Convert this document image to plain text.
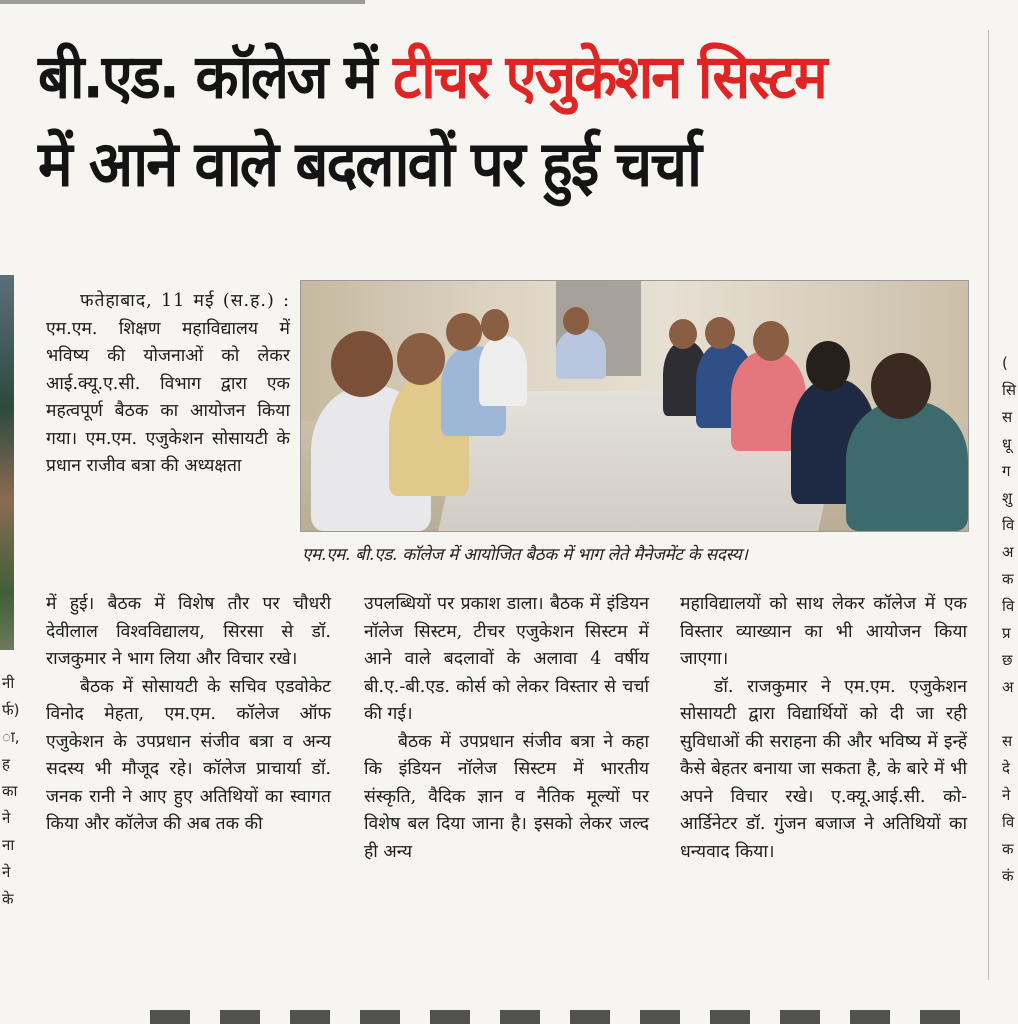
नी
र्फ)
ा,
ह
का
ने
ना
ने
के
बी.एड. कॉलेज में टीचर एजुकेशन सिस्टम
में आने वाले बदलावों पर हुई चर्चा
एम.एम. बी.एड. कॉलेज में आयोजित बैठक में भाग लेते मैनेजमेंट के सदस्य।

फतेहाबाद, 11 मई (स.ह.) : एम.एम. शिक्षण महाविद्यालय में भविष्य की योजनाओं को लेकर आई.क्यू.ए.सी. विभाग द्वारा एक महत्वपूर्ण बैठक का आयोजन किया गया। एम.एम. एजुकेशन सोसायटी के प्रधान राजीव बत्रा की अध्यक्षता

में हुई। बैठक में विशेष तौर पर चौधरी देवीलाल विश्वविद्यालय, सिरसा से डॉ. राजकुमार ने भाग लिया और विचार रखे।

बैठक में सोसायटी के सचिव एडवोकेट विनोद मेहता, एम.एम. कॉलेज ऑफ एजुकेशन के उपप्रधान संजीव बत्रा व अन्य सदस्य भी मौजूद रहे। कॉलेज प्राचार्या डॉ. जनक रानी ने आए हुए अतिथियों का स्वागत किया और कॉलेज की अब तक की

उपलब्धियों पर प्रकाश डाला। बैठक में इंडियन नॉलेज सिस्टम, टीचर एजुकेशन सिस्टम में आने वाले बदलावों के अलावा 4 वर्षीय बी.ए.-बी.एड. कोर्स को लेकर विस्तार से चर्चा की गई।

बैठक में उपप्रधान संजीव बत्रा ने कहा कि इंडियन नॉलेज सिस्टम में भारतीय संस्कृति, वैदिक ज्ञान व नैतिक मूल्यों पर विशेष बल दिया जाना है। इसको लेकर जल्द ही अन्य

महाविद्यालयों को साथ लेकर कॉलेज में एक विस्तार व्याख्यान का भी आयोजन किया जाएगा।

डॉ. राजकुमार ने एम.एम. एजुकेशन सोसायटी द्वारा विद्यार्थियों को दी जा रही सुविधाओं की सराहना की और भविष्य में इन्हें कैसे बेहतर बनाया जा सकता है, के बारे में भी अपने विचार रखे। ए.क्यू.आई.सी. को-आर्डिनेटर डॉ. गुंजन बजाज ने अतिथियों का धन्यवाद किया।

(
सि
स
धू
ग
शु
वि
अ
क
वि
प्र
छ
अ

स
दे
ने
वि
क
कं
